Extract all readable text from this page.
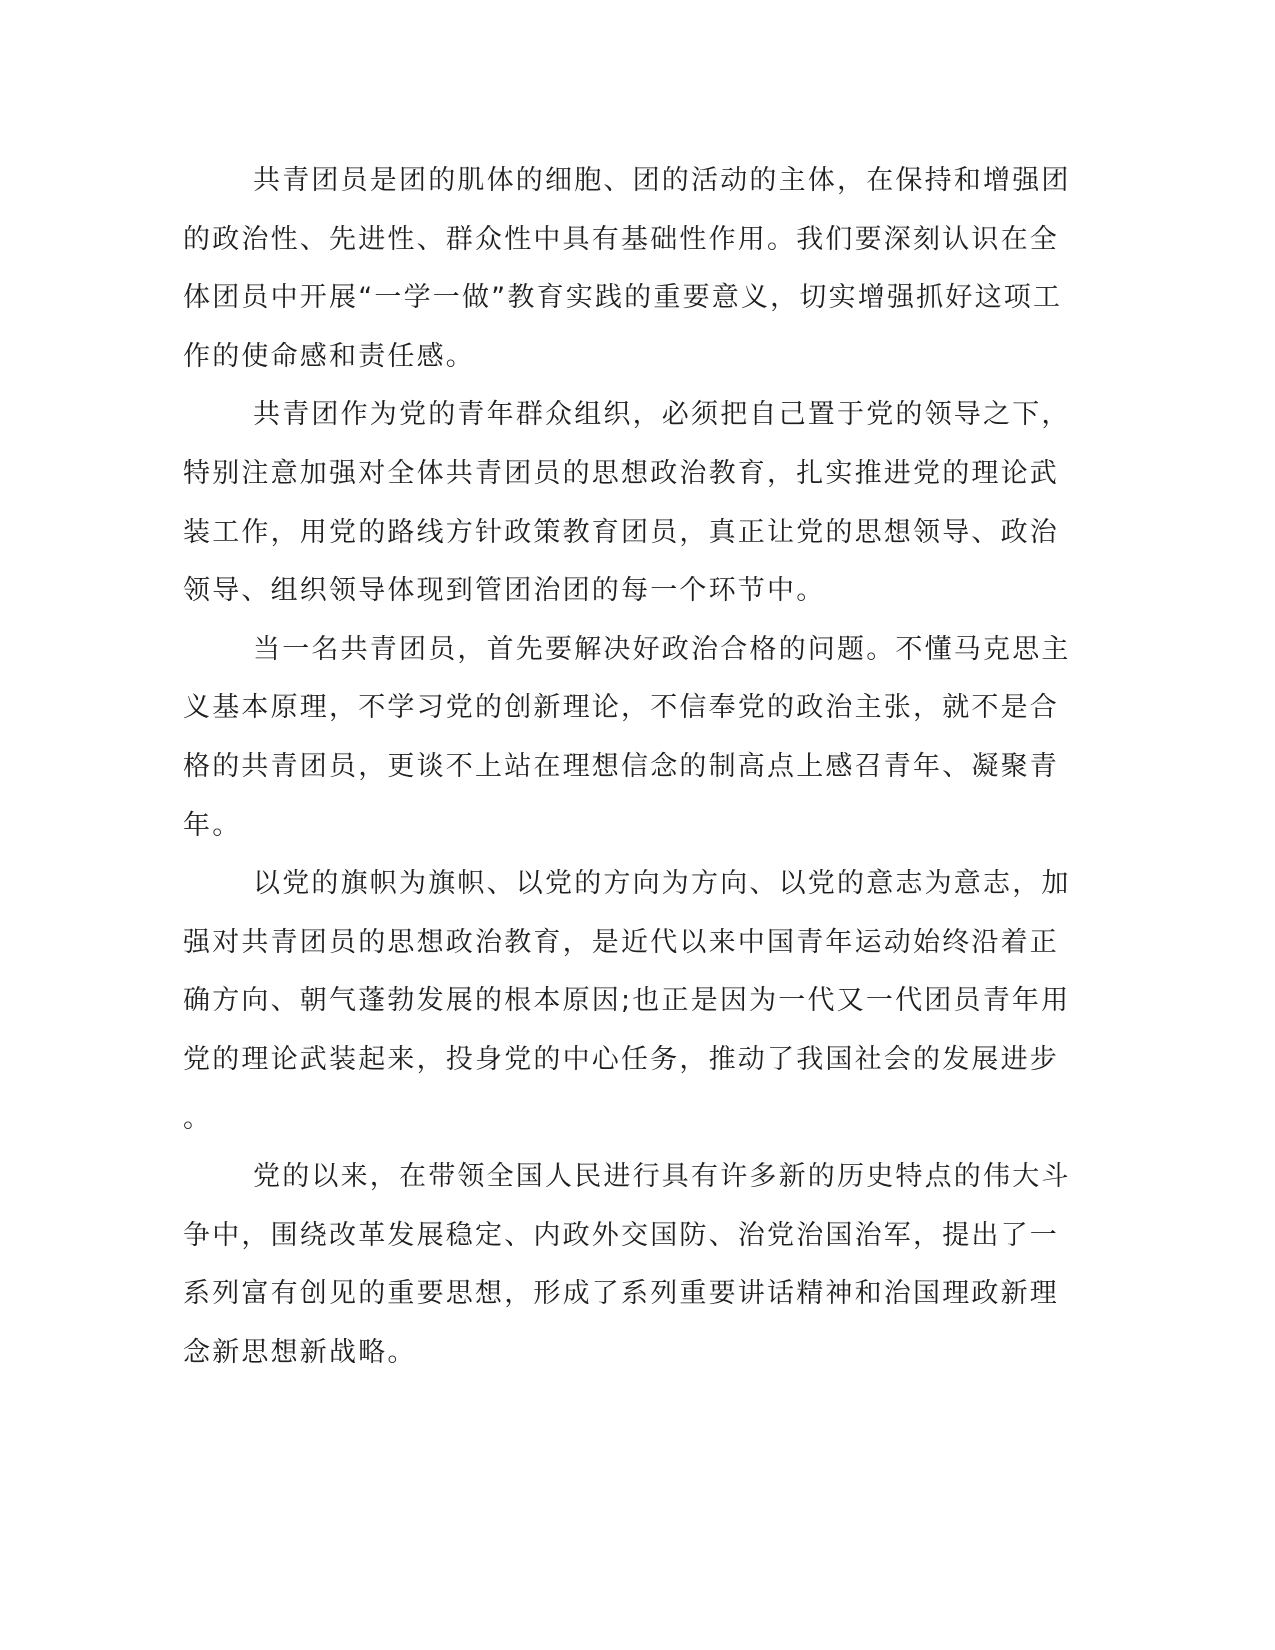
共青团员是团的肌体的细胞、团的活动的主体，在保持和增强团
的政治性、先进性、群众性中具有基础性作用。我们要深刻认识在全
体团员中开展“一学一做”教育实践的重要意义，切实增强抓好这项工
作的使命感和责任感。
共青团作为党的青年群众组织，必须把自己置于党的领导之下，
特别注意加强对全体共青团员的思想政治教育，扎实推进党的理论武
装工作，用党的路线方针政策教育团员，真正让党的思想领导、政治
领导、组织领导体现到管团治团的每一个环节中。
当一名共青团员，首先要解决好政治合格的问题。不懂马克思主
义基本原理，不学习党的创新理论，不信奉党的政治主张，就不是合
格的共青团员，更谈不上站在理想信念的制高点上感召青年、凝聚青
年。
以党的旗帜为旗帜、以党的方向为方向、以党的意志为意志，加
强对共青团员的思想政治教育，是近代以来中国青年运动始终沿着正
确方向、朝气蓬勃发展的根本原因;也正是因为一代又一代团员青年用
党的理论武装起来，投身党的中心任务，推动了我国社会的发展进步
。
党的以来，在带领全国人民进行具有许多新的历史特点的伟大斗
争中，围绕改革发展稳定、内政外交国防、治党治国治军，提出了一
系列富有创见的重要思想，形成了系列重要讲话精神和治国理政新理
念新思想新战略。
